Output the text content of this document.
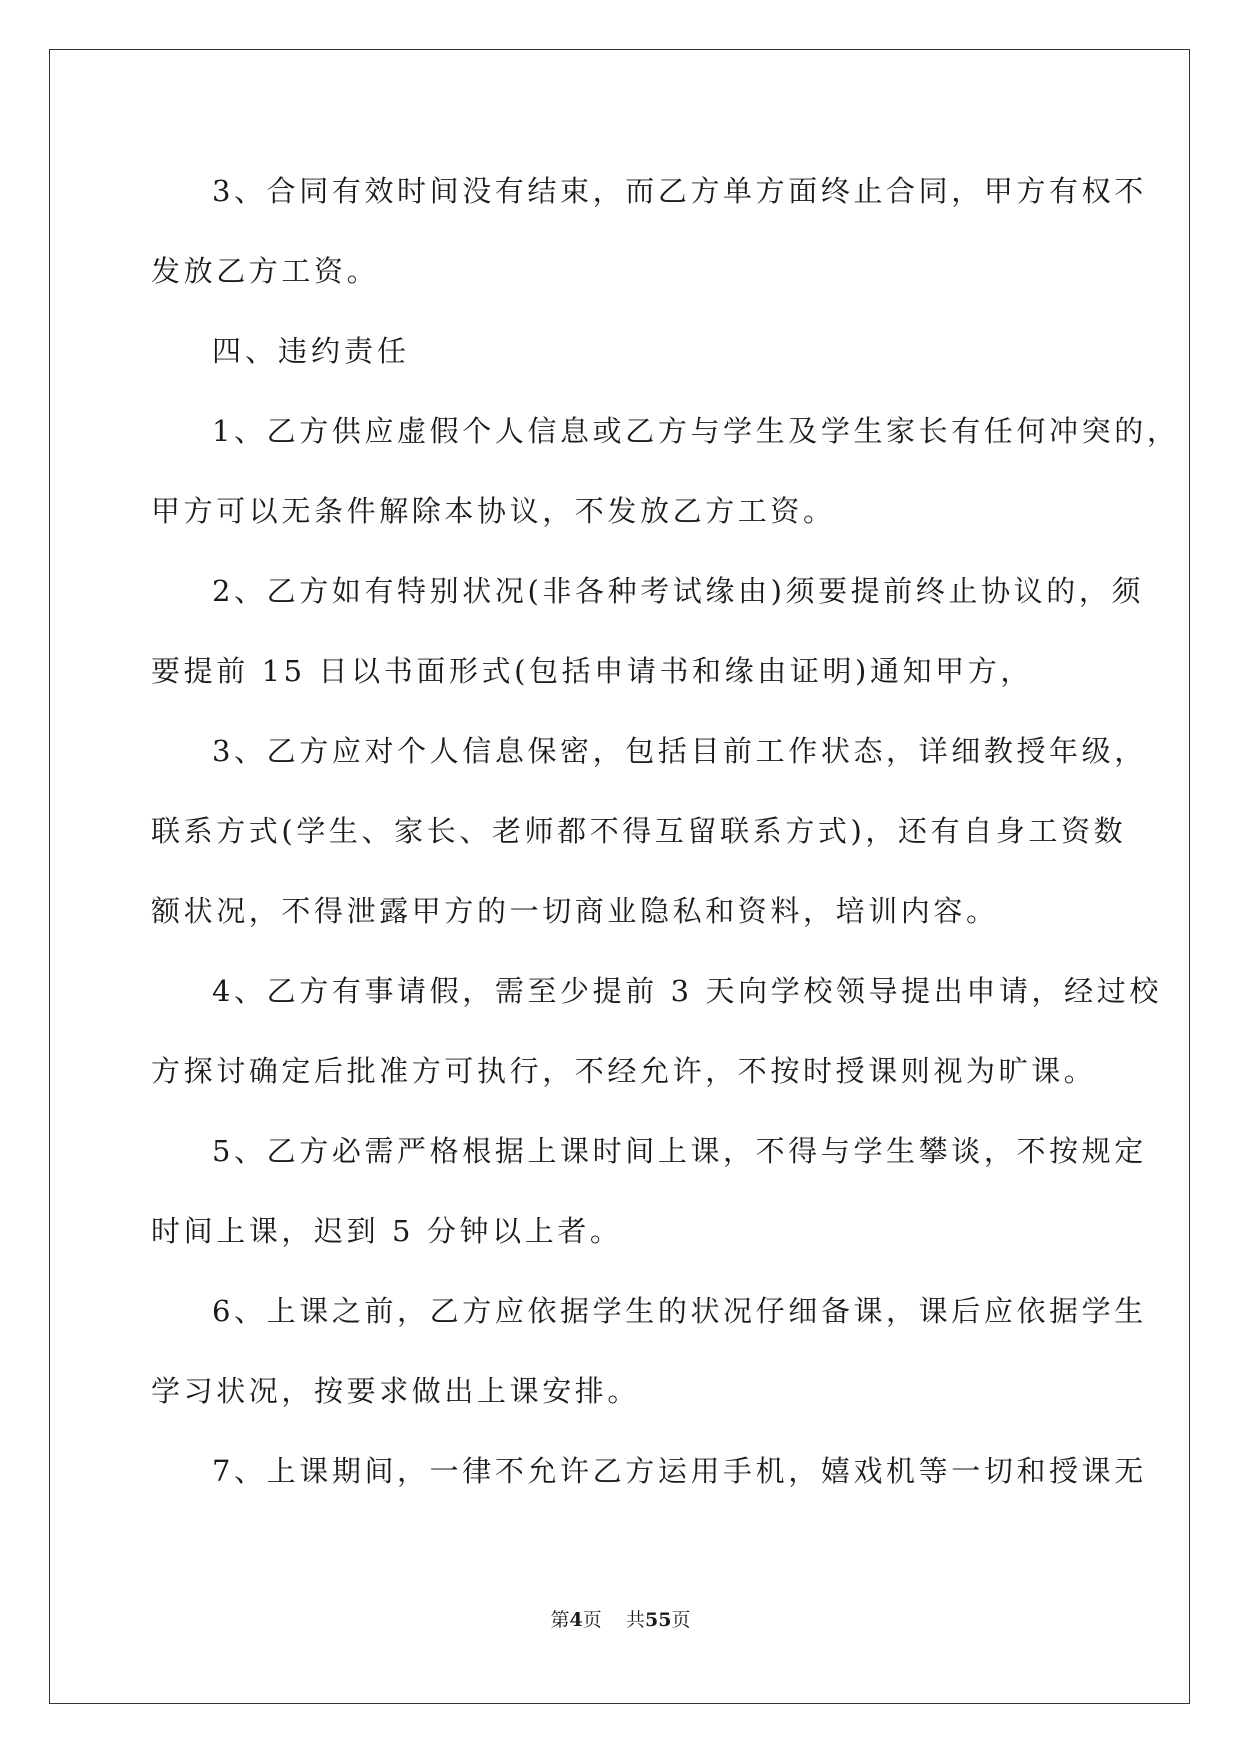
3、合同有效时间没有结束，而乙方单方面终止合同，甲方有权不
发放乙方工资。
四、违约责任
1、乙方供应虚假个人信息或乙方与学生及学生家长有任何冲突的，
甲方可以无条件解除本协议，不发放乙方工资。
2、乙方如有特别状况(非各种考试缘由)须要提前终止协议的，须
要提前 15 日以书面形式(包括申请书和缘由证明)通知甲方，
3、乙方应对个人信息保密，包括目前工作状态，详细教授年级，
联系方式(学生、家长、老师都不得互留联系方式)，还有自身工资数
额状况，不得泄露甲方的一切商业隐私和资料，培训内容。
4、乙方有事请假，需至少提前 3 天向学校领导提出申请，经过校
方探讨确定后批准方可执行，不经允许，不按时授课则视为旷课。
5、乙方必需严格根据上课时间上课，不得与学生攀谈，不按规定
时间上课，迟到 5 分钟以上者。
6、上课之前，乙方应依据学生的状况仔细备课，课后应依据学生
学习状况，按要求做出上课安排。
7、上课期间，一律不允许乙方运用手机，嬉戏机等一切和授课无
第4页 共55页
